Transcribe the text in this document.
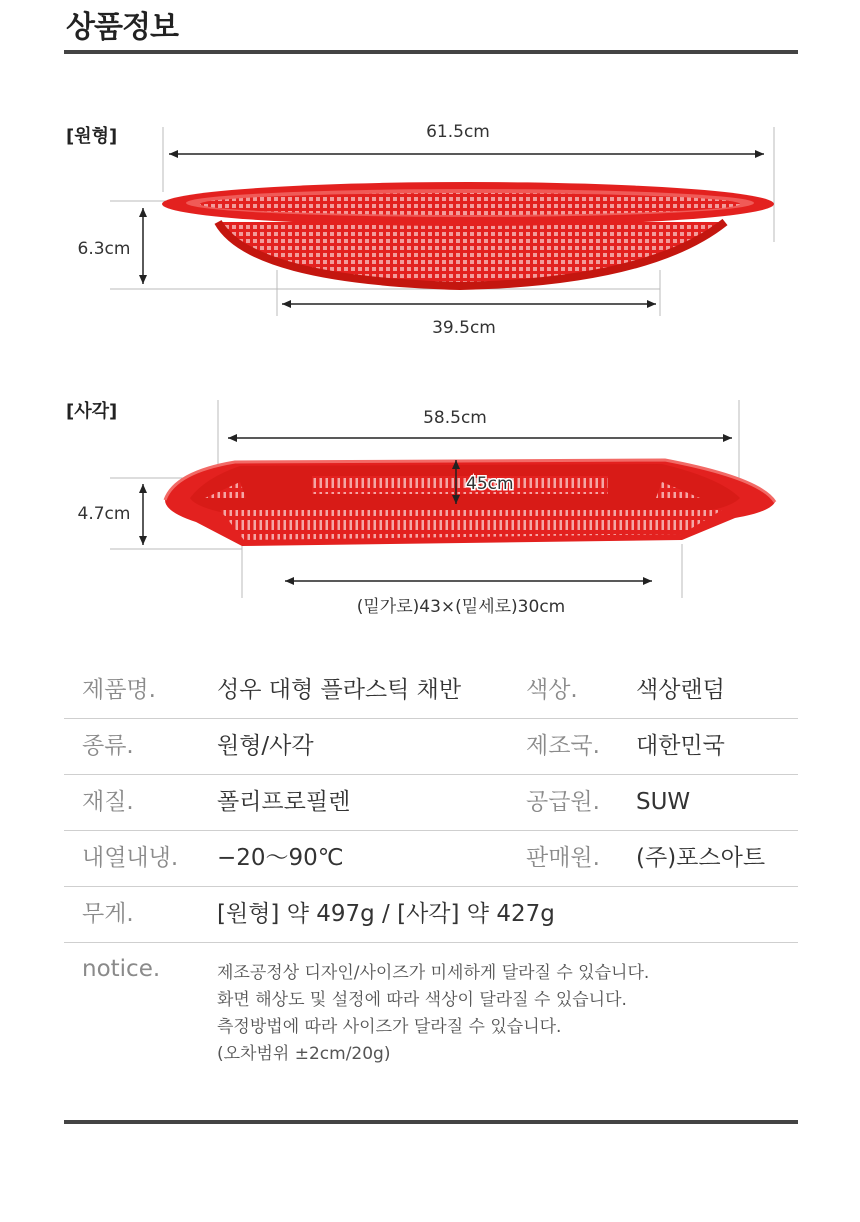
상품정보
[원형]	61.5cm
6.3cm
39.5cm
[사각]	58.5cm
45cm
4.7cm
(밑가로)43×(밑세로)30cm
제품명.	성우 대형 플라스틱 채반	색상.	색상랜덤
종류.	원형/사각	제조국. 대한민국
재질.	폴리프로필렌	공급원. SUW
내열내냉. −20～90℃	판매원. (주)포스아트
무게.	[원형] 약 497g / [사각] 약 427g
notice.	제조공정상 디자인/사이즈가 미세하게 달라질 수 있습니다.
화면 해상도 및 설정에 따라 색상이 달라질 수 있습니다.
측정방법에 따라 사이즈가 달라질 수 있습니다.
(오차범위 ±2cm/20g)
